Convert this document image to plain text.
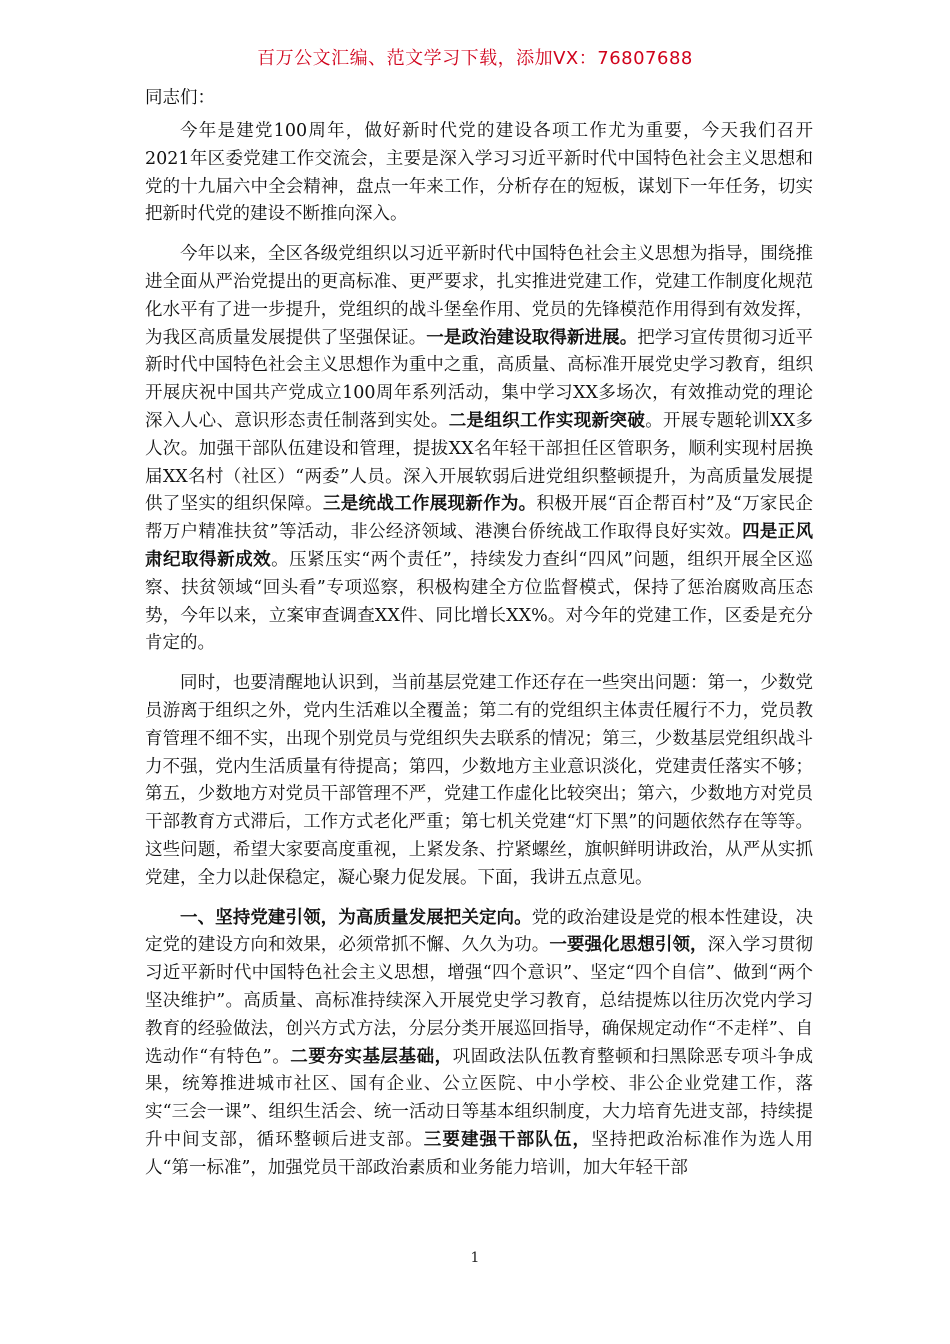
百万公文汇编、范文学习下载，添加VX：76807688

同志们：

今年是建党100周年，做好新时代党的建设各项工作尤为重要，今天我们召开2021年区委党建工作交流会，主要是深入学习习近平新时代中国特色社会主义思想和党的十九届六中全会精神，盘点一年来工作，分析存在的短板，谋划下一年任务，切实把新时代党的建设不断推向深入。

今年以来，全区各级党组织以习近平新时代中国特色社会主义思想为指导，围绕推进全面从严治党提出的更高标准、更严要求，扎实推进党建工作，党建工作制度化规范化水平有了进一步提升，党组织的战斗堡垒作用、党员的先锋模范作用得到有效发挥，为我区高质量发展提供了坚强保证。一是政治建设取得新进展。把学习宣传贯彻习近平新时代中国特色社会主义思想作为重中之重，高质量、高标准开展党史学习教育，组织开展庆祝中国共产党成立100周年系列活动，集中学习XX多场次，有效推动党的理论深入人心、意识形态责任制落到实处。二是组织工作实现新突破。开展专题轮训XX多人次。加强干部队伍建设和管理，提拔XX名年轻干部担任区管职务，顺利实现村居换届XX名村（社区）“两委”人员。深入开展软弱后进党组织整顿提升，为高质量发展提供了坚实的组织保障。三是统战工作展现新作为。积极开展“百企帮百村”及“万家民企帮万户精准扶贫”等活动，非公经济领域、港澳台侨统战工作取得良好实效。四是正风肃纪取得新成效。压紧压实“两个责任”，持续发力查纠“四风”问题，组织开展全区巡察、扶贫领域“回头看”专项巡察，积极构建全方位监督模式，保持了惩治腐败高压态势，今年以来，立案审查调查XX件、同比增长XX%。对今年的党建工作，区委是充分肯定的。

同时，也要清醒地认识到，当前基层党建工作还存在一些突出问题：第一，少数党员游离于组织之外，党内生活难以全覆盖；第二有的党组织主体责任履行不力，党员教育管理不细不实，出现个别党员与党组织失去联系的情况；第三，少数基层党组织战斗力不强，党内生活质量有待提高；第四，少数地方主业意识淡化，党建责任落实不够；第五，少数地方对党员干部管理不严，党建工作虚化比较突出；第六，少数地方对党员干部教育方式滞后，工作方式老化严重；第七机关党建“灯下黑”的问题依然存在等等。这些问题，希望大家要高度重视，上紧发条、拧紧螺丝，旗帜鲜明讲政治，从严从实抓党建，全力以赴保稳定，凝心聚力促发展。下面，我讲五点意见。

一、坚持党建引领，为高质量发展把关定向。党的政治建设是党的根本性建设，决定党的建设方向和效果，必须常抓不懈、久久为功。一要强化思想引领，深入学习贯彻习近平新时代中国特色社会主义思想，增强“四个意识”、坚定“四个自信”、做到“两个坚决维护”。高质量、高标准持续深入开展党史学习教育，总结提炼以往历次党内学习教育的经验做法，创兴方式方法，分层分类开展巡回指导，确保规定动作“不走样”、自选动作“有特色”。二要夯实基层基础，巩固政法队伍教育整顿和扫黑除恶专项斗争成果，统筹推进城市社区、国有企业、公立医院、中小学校、非公企业党建工作，落实“三会一课”、组织生活会、统一活动日等基本组织制度，大力培育先进支部，持续提升中间支部，循环整顿后进支部。三要建强干部队伍，坚持把政治标准作为选人用人“第一标准”，加强党员干部政治素质和业务能力培训，加大年轻干部

1
